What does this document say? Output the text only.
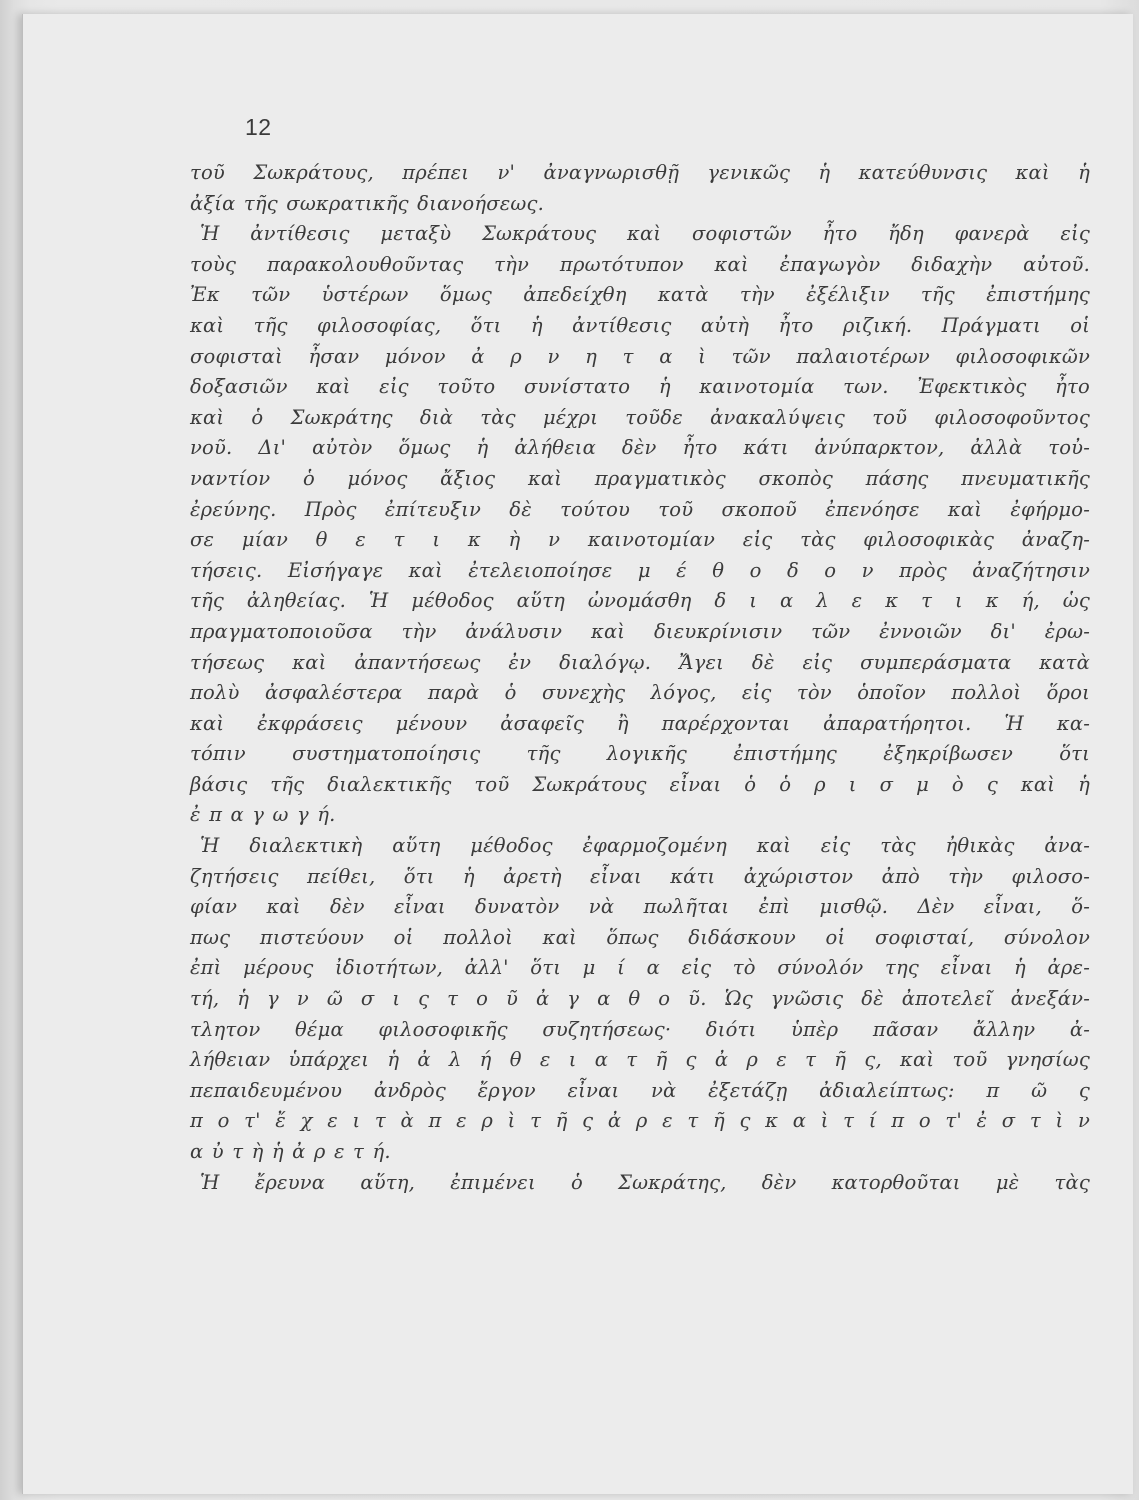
12
τοῦ Σωκράτους, πρέπει ν' ἀναγνωρισθῇ γενικῶς ἡ κατεύθυνσις καὶ ἡ
ἀξία τῆς σωκρατικῆς διανοήσεως.
Ἡ ἀντίθεσις μεταξὺ Σωκράτους καὶ σοφιστῶν ἦτο ἤδη φανερὰ εἰς
τοὺς παρακολουθοῦντας τὴν πρωτότυπον καὶ ἐπαγωγὸν διδαχὴν αὐτοῦ.
Ἐκ τῶν ὑστέρων ὅμως ἀπεδείχθη κατὰ τὴν ἐξέλιξιν τῆς ἐπιστήμης
καὶ τῆς φιλοσοφίας, ὅτι ἡ ἀντίθεσις αὐτὴ ἦτο ριζική. Πράγματι οἱ
σοφισταὶ ἦσαν μόνον ἀ ρ ν η τ α ὶ τῶν παλαιοτέρων φιλοσοφικῶν
δοξασιῶν καὶ εἰς τοῦτο συνίστατο ἡ καινοτομία των. Ἐφεκτικὸς ἦτο
καὶ ὁ Σωκράτης διὰ τὰς μέχρι τοῦδε ἀνακαλύψεις τοῦ φιλοσοφοῦντος
νοῦ. Δι' αὐτὸν ὅμως ἡ ἀλήθεια δὲν ἦτο κάτι ἀνύπαρκτον, ἀλλὰ τοὐ-
ναντίον ὁ μόνος ἄξιος καὶ πραγματικὸς σκοπὸς πάσης πνευματικῆς
ἐρεύνης. Πρὸς ἐπίτευξιν δὲ τούτου τοῦ σκοποῦ ἐπενόησε καὶ ἐφήρμο-
σε μίαν θ ε τ ι κ ὴ ν καινοτομίαν εἰς τὰς φιλοσοφικὰς ἀναζη-
τήσεις. Εἰσήγαγε καὶ ἐτελειοποίησε μ έ θ ο δ ο ν πρὸς ἀναζήτησιν
τῆς ἀληθείας. Ἡ μέθοδος αὕτη ὠνομάσθη δ ι α λ ε κ τ ι κ ή, ὡς
πραγματοποιοῦσα τὴν ἀνάλυσιν καὶ διευκρίνισιν τῶν ἐννοιῶν δι' ἐρω-
τήσεως καὶ ἀπαντήσεως ἐν διαλόγῳ. Ἄγει δὲ εἰς συμπεράσματα κατὰ
πολὺ ἀσφαλέστερα παρὰ ὁ συνεχὴς λόγος, εἰς τὸν ὁποῖον πολλοὶ ὅροι
καὶ ἐκφράσεις μένουν ἀσαφεῖς ἢ παρέρχονται ἀπαρατήρητοι. Ἡ κα-
τόπιν συστηματοποίησις τῆς λογικῆς ἐπιστήμης ἐξηκρίβωσεν ὅτι
βάσις τῆς διαλεκτικῆς τοῦ Σωκράτους εἶναι ὁ ὁ ρ ι σ μ ὸ ς καὶ ἡ
ἐ π α γ ω γ ή.
Ἡ διαλεκτικὴ αὕτη μέθοδος ἐφαρμοζομένη καὶ εἰς τὰς ἠθικὰς ἀνα-
ζητήσεις πείθει, ὅτι ἡ ἀρετὴ εἶναι κάτι ἀχώριστον ἀπὸ τὴν φιλοσο-
φίαν καὶ δὲν εἶναι δυνατὸν νὰ πωλῆται ἐπὶ μισθῷ. Δὲν εἶναι, ὅ-
πως πιστεύουν οἱ πολλοὶ καὶ ὅπως διδάσκουν οἱ σοφισταί, σύνολον
ἐπὶ μέρους ἰδιοτήτων, ἀλλ' ὅτι μ ί α εἰς τὸ σύνολόν της εἶναι ἡ ἀρε-
τή, ἡ γ ν ῶ σ ι ς τ ο ῦ ἀ γ α θ ο ῦ. Ὡς γνῶσις δὲ ἀποτελεῖ ἀνεξάν-
τλητον θέμα φιλοσοφικῆς συζητήσεως· διότι ὑπὲρ πᾶσαν ἄλλην ἀ-
λήθειαν ὑπάρχει ἡ ἀ λ ή θ ε ι α τ ῆ ς ἀ ρ ε τ ῆ ς, καὶ τοῦ γνησίως
πεπαιδευμένου ἀνδρὸς ἔργον εἶναι νὰ ἐξετάζῃ ἀδιαλείπτως: π ῶ ς
π ο τ' ἔ χ ε ι τ ὰ π ε ρ ὶ τ ῆ ς ἀ ρ ε τ ῆ ς κ α ὶ τ ί π ο τ' ἐ σ τ ὶ ν
α ὐ τ ὴ ἡ ἀ ρ ε τ ή.
Ἡ ἔρευνα αὕτη, ἐπιμένει ὁ Σωκράτης, δὲν κατορθοῦται μὲ τὰς
